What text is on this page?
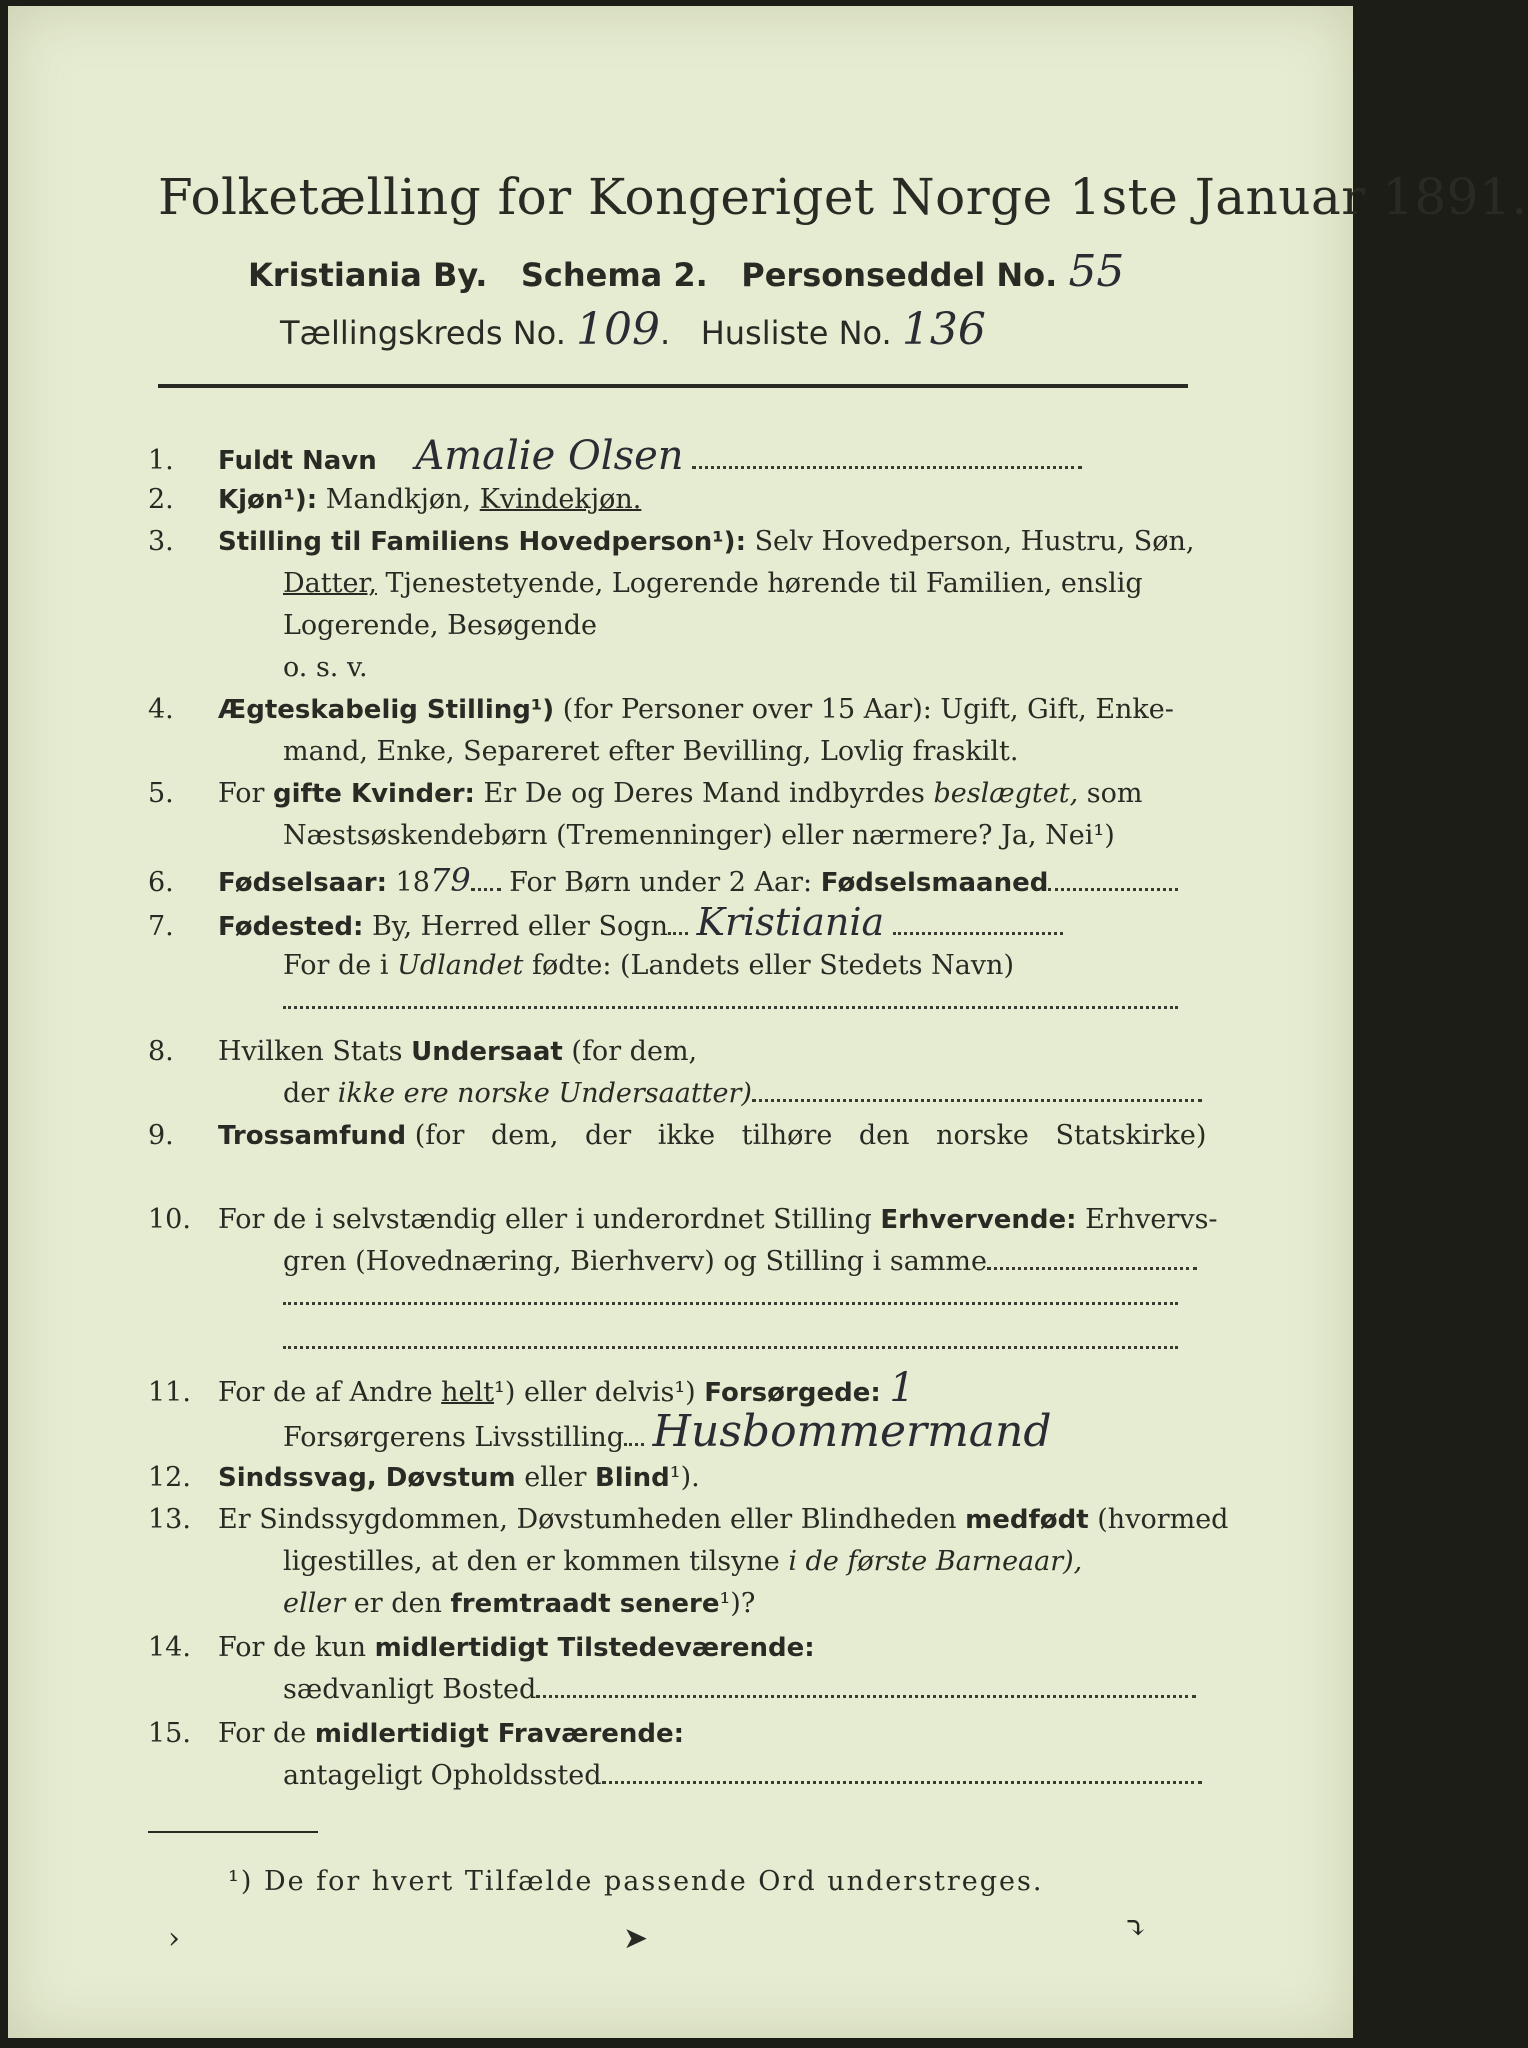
Folketælling for Kongeriget Norge 1ste Januar 1891.
Kristiania By. Schema 2. Personseddel No. 55
Tællingskreds No. 109.   Husliste No. 136
1. Fuldt Navn Amalie Olsen
2. Kjøn¹): Mandkjøn, Kvindekjøn.
3. Stilling til Familiens Hovedperson¹): Selv Hovedperson, Hustru, Søn,
Datter, Tjenestetyende, Logerende hørende til Familien, enslig
Logerende, Besøgende
o. s. v.
4. Ægteskabelig Stilling¹) (for Personer over 15 Aar): Ugift, Gift, Enke-
mand, Enke, Separeret efter Bevilling, Lovlig fraskilt.
5. For gifte Kvinder: Er De og Deres Mand indbyrdes beslægtet, som
Næstsøskendebørn (Tremenninger) eller nærmere? Ja, Nei¹)
6. Fødselsaar: 1879 For Børn under 2 Aar: Fødselsmaaned
7. Fødested: By, Herred eller Sogn Kristiania
For de i Udlandet fødte: (Landets eller Stedets Navn)
8. Hvilken Stats Undersaat (for dem,
der ikke ere norske Undersaatter)
9. Trossamfund (for dem, der ikke tilhøre den norske Statskirke)
10. For de i selvstændig eller i underordnet Stilling Erhvervende: Erhvervs-
gren (Hovednæring, Bierhverv) og Stilling i samme
11. For de af Andre helt¹) eller delvis¹) Forsørgede: 1
Forsørgerens Livsstilling Husbommermand
12. Sindssvag, Døvstum eller Blind¹).
13. Er Sindssygdommen, Døvstumheden eller Blindheden medfødt (hvormed
ligestilles, at den er kommen tilsyne i de første Barneaar),
eller er den fremtraadt senere¹)?
14. For de kun midlertidigt Tilstedeværende:
sædvanligt Bosted
15. For de midlertidigt Fraværende:
antageligt Opholdssted
¹) De for hvert Tilfælde passende Ord understreges.
›	➤	⤵
